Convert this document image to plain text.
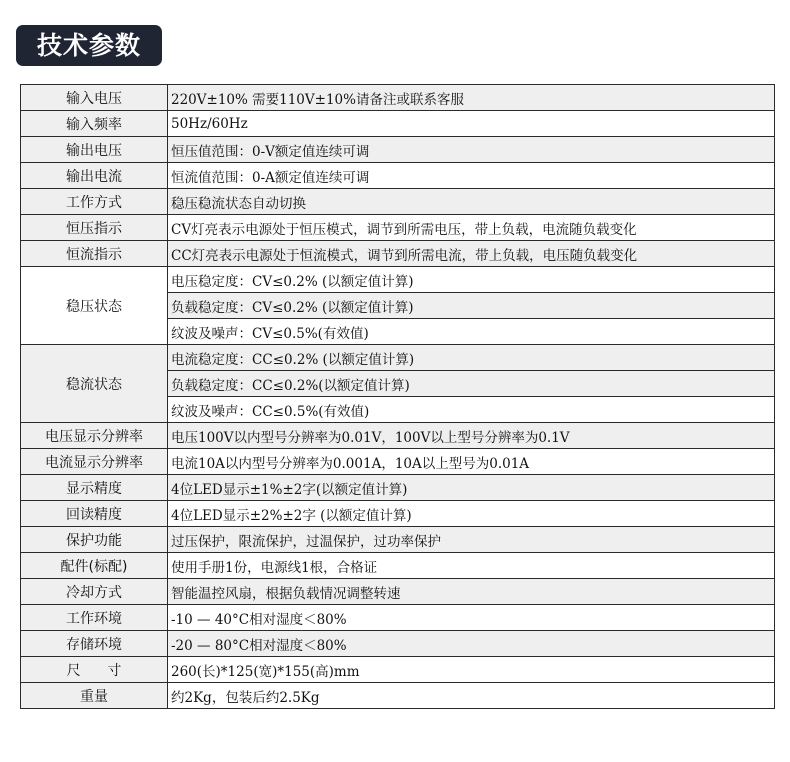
技术参数
输入电压	220V±10% 需要110V±10%请备注或联系客服
输入频率	50Hz/60Hz
输出电压	恒压值范围：0-V额定值连续可调
输出电流	恒流值范围：0-A额定值连续可调
工作方式	稳压稳流状态自动切换
恒压指示	CV灯亮表示电源处于恒压模式，调节到所需电压，带上负载，电流随负载变化
恒流指示	CC灯亮表示电源处于恒流模式，调节到所需电流，带上负载，电压随负载变化
稳压状态	电压稳定度：CV≤0.2% (以额定值计算)
	负载稳定度：CV≤0.2% (以额定值计算)
	纹波及噪声：CV≤0.5%(有效值)
稳流状态	电流稳定度：CC≤0.2% (以额定值计算)
	负载稳定度：CC≤0.2%(以额定值计算)
	纹波及噪声：CC≤0.5%(有效值)
电压显示分辨率	电压100V以内型号分辨率为0.01V，100V以上型号分辨率为0.1V
电流显示分辨率	电流10A以内型号分辨率为0.001A，10A以上型号为0.01A
显示精度	4位LED显示±1%±2字(以额定值计算)
回读精度	4位LED显示±2%±2字 (以额定值计算)
保护功能	过压保护，限流保护，过温保护，过功率保护
配件(标配)	使用手册1份，电源线1根，合格证
冷却方式	智能温控风扇，根据负载情况调整转速
工作环境	-10 — 40°C相对湿度＜80%
存储环境	-20 — 80°C相对湿度＜80%
尺      寸	260(长)*125(宽)*155(高)mm
重量	约2Kg，包装后约2.5Kg
